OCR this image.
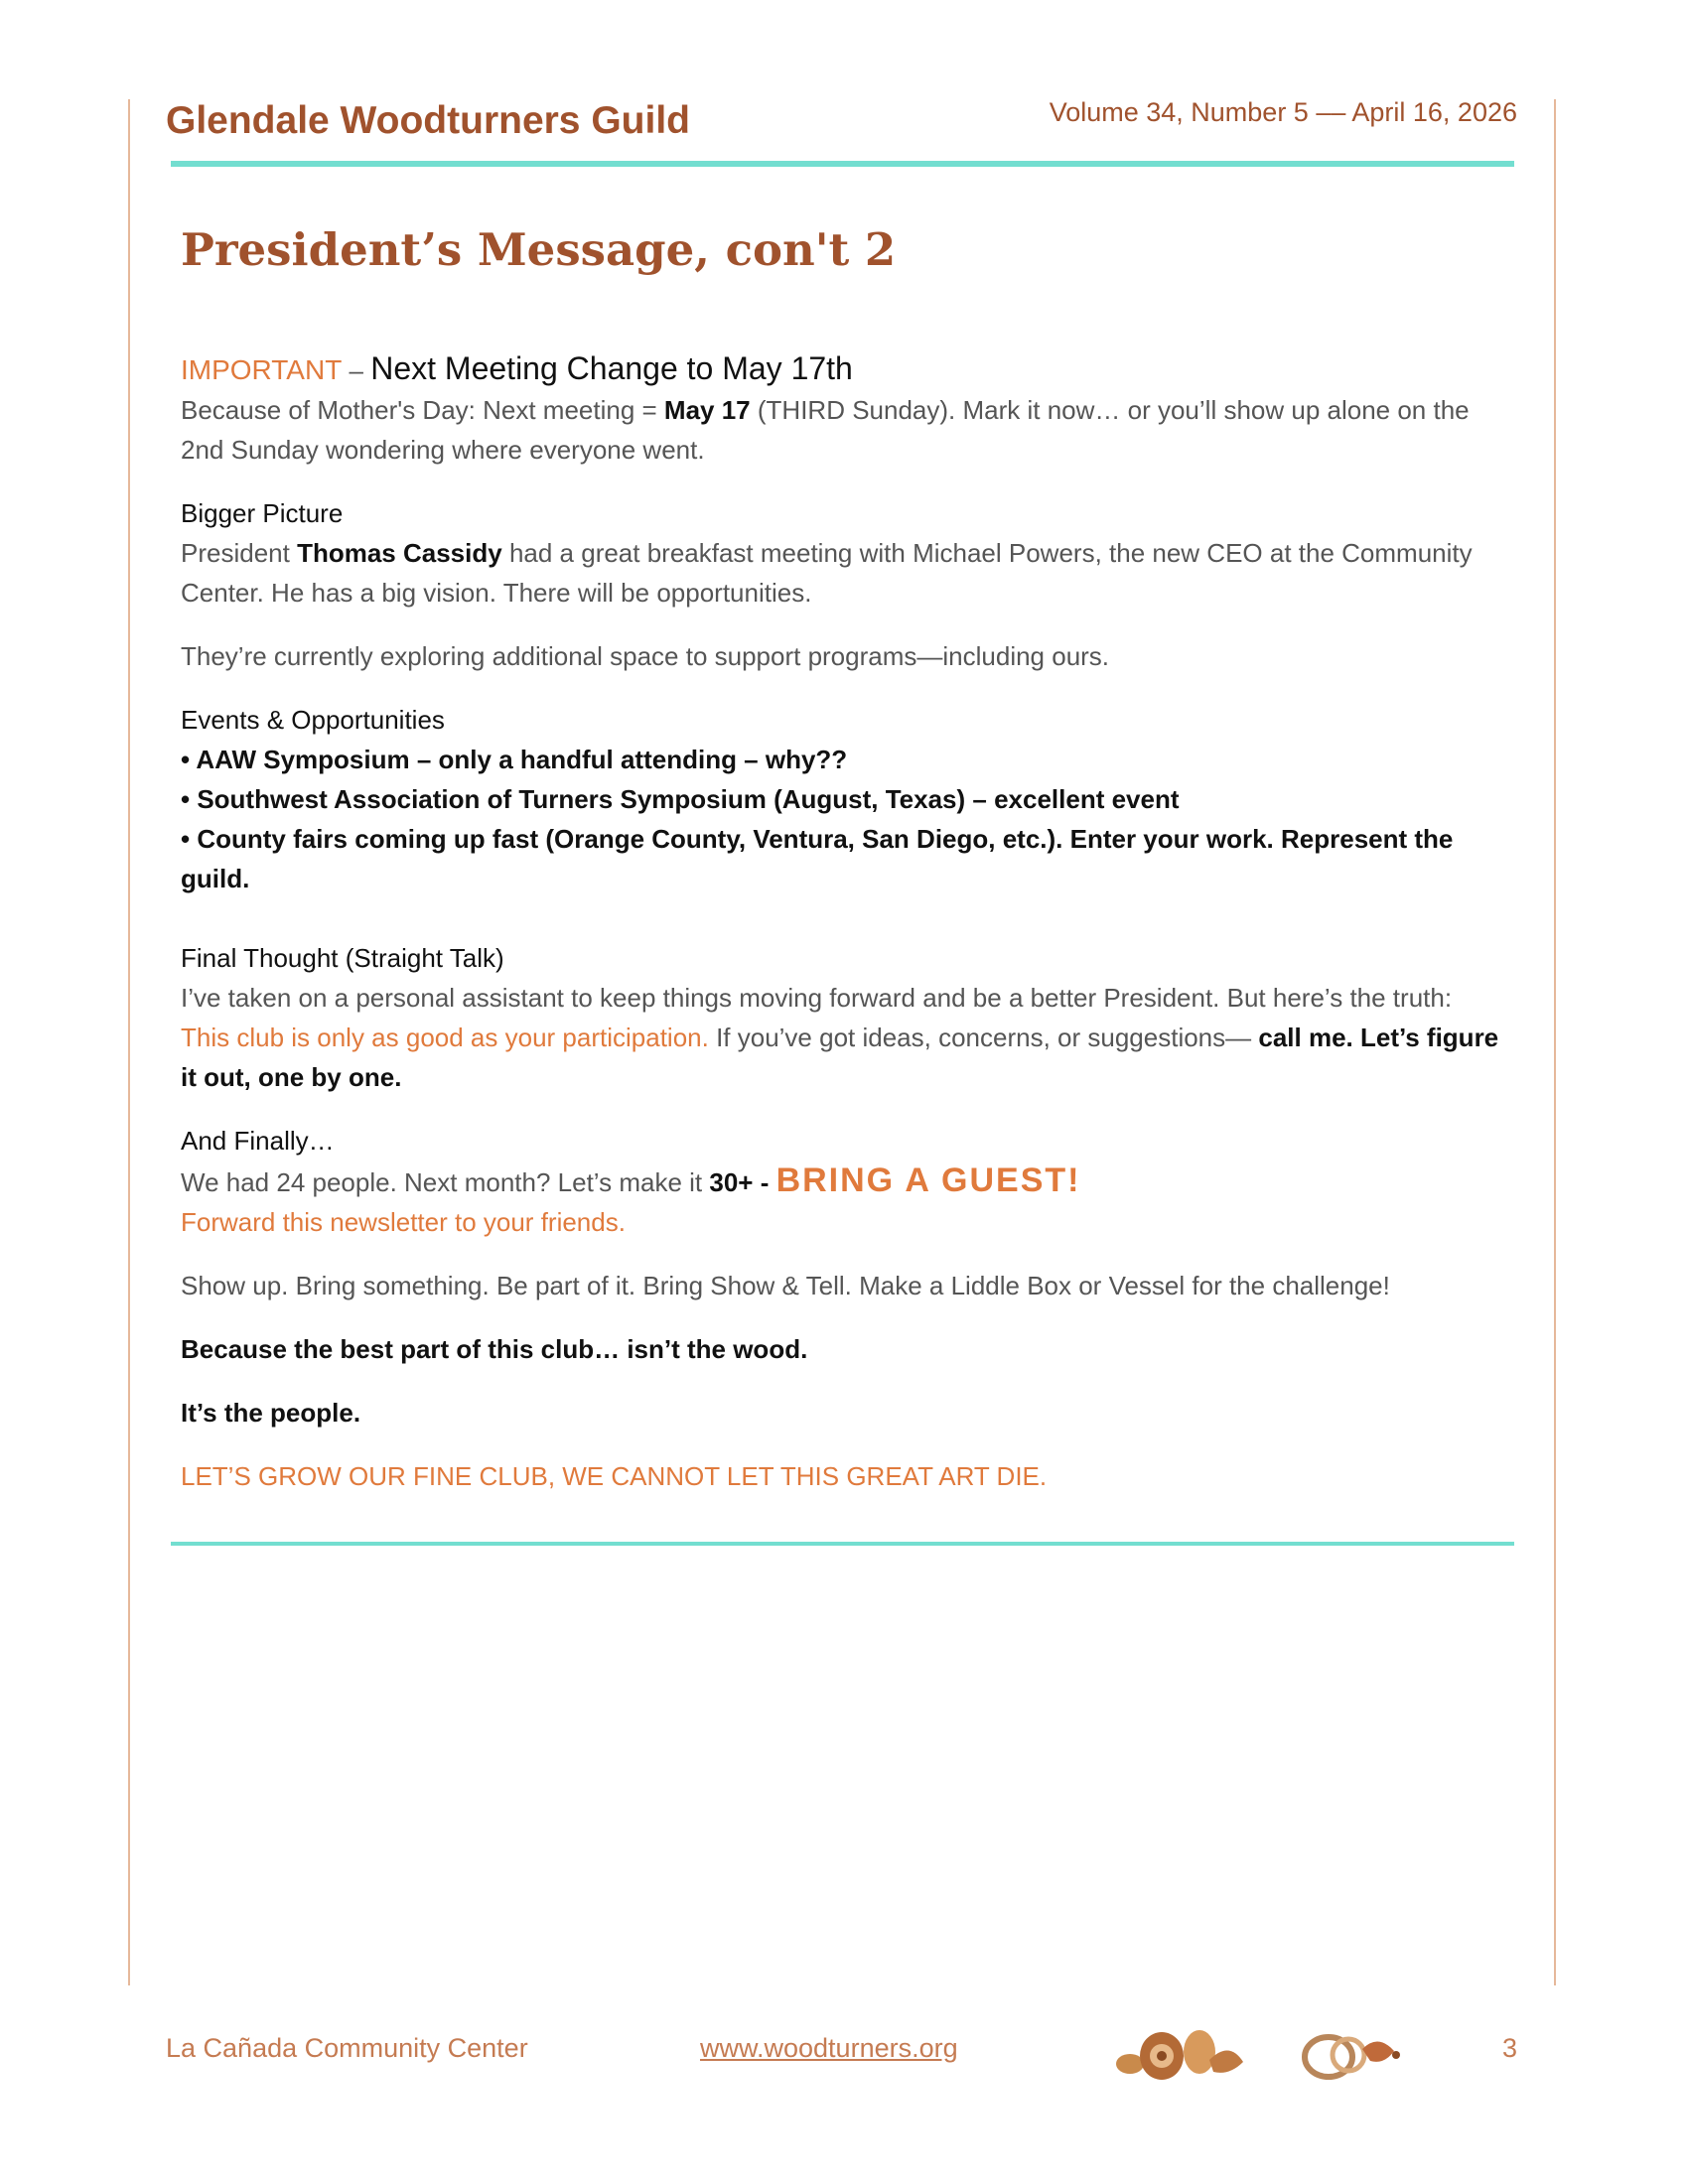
Glendale Woodturners Guild	Volume 34, Number 5 –– April 16, 2026
President’s Message, con't 2

IMPORTANT – Next Meeting Change to May 17th

Because of Mother's Day: Next meeting = May 17 (THIRD Sunday). Mark it now… or you’ll show up alone on the 2nd Sunday wondering where everyone went.

Bigger Picture

President Thomas Cassidy had a great breakfast meeting with Michael Powers, the new CEO at the Community Center. He has a big vision. There will be opportunities.

They’re currently exploring additional space to support programs—including ours.

Events & Opportunities

• AAW Symposium – only a handful attending – why??

• Southwest Association of Turners Symposium (August, Texas) – excellent event

• County fairs coming up fast (Orange County, Ventura, San Diego, etc.). Enter your work. Represent the guild.

Final Thought (Straight Talk)

I’ve taken on a personal assistant to keep things moving forward and be a better President. But here’s the truth: This club is only as good as your participation. If you’ve got ideas, concerns, or suggestions— call me. Let’s figure it out, one by one.

And Finally…

We had 24 people. Next month? Let’s make it 30+ - BRING A GUEST!

Forward this newsletter to your friends.

Show up. Bring something. Be part of it. Bring Show & Tell. Make a Liddle Box or Vessel for the challenge!

Because the best part of this club… isn’t the wood.

It’s the people.

LET’S GROW OUR FINE CLUB, WE CANNOT LET THIS GREAT ART DIE.

La Cañada Community Center	www.woodturners.org	3
